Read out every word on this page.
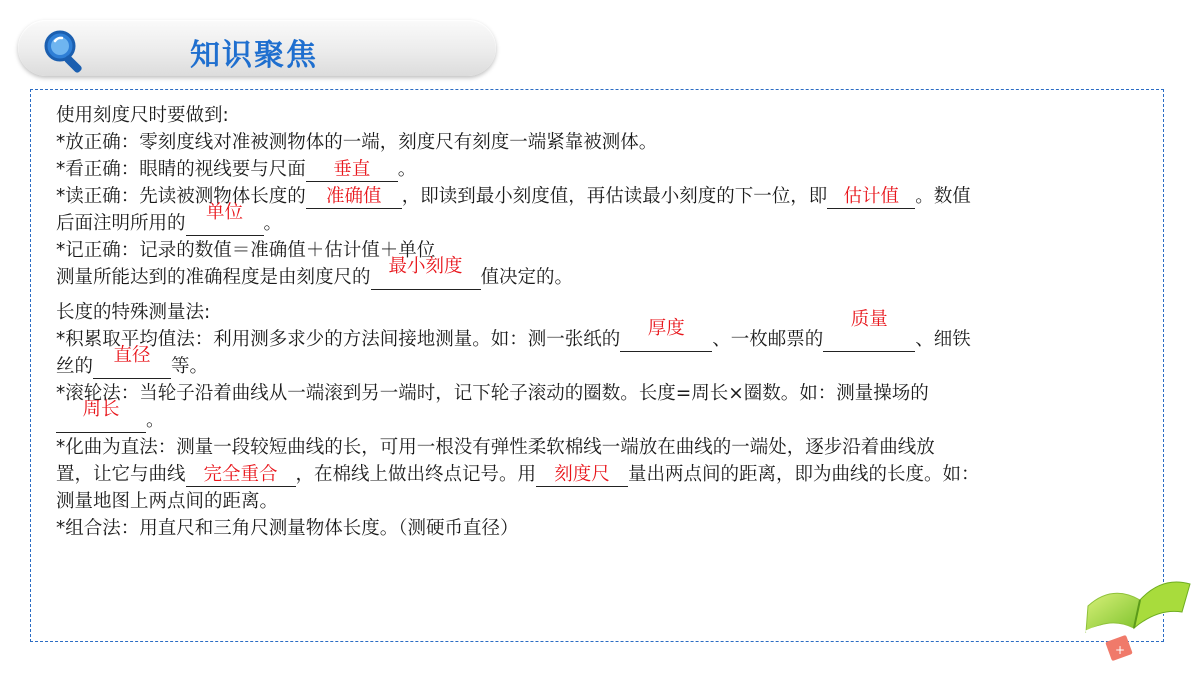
知识聚焦
使用刻度尺时要做到:
*放正确：零刻度线对准被测物体的一端，刻度尺有刻度一端紧靠被测体。
*看正确：眼睛的视线要与尺面 垂直 。
*读正确：先读被测物体长度的 准确值 ，即读到最小刻度值，再估读最小刻度的下一位，即 估计值 。数值
后面注明所用的单位。
*记正确：记录的数值＝准确值＋估计值＋单位
测量所能达到的准确程度是由刻度尺的最小刻度值决定的。
长度的特殊测量法:
*积累取平均值法：利用测多求少的方法间接地测量。如：测一张纸的厚度、一枚邮票的质量、细铁
丝的直径等。
*滚轮法：当轮子沿着曲线从一端滚到另一端时，记下轮子滚动的圈数。长度=周长×圈数。如：测量操场的
周长。
*化曲为直法：测量一段较短曲线的长，可用一根没有弹性柔软棉线一端放在曲线的一端处，逐步沿着曲线放
置，让它与曲线 完全重合 ，在棉线上做出终点记号。用 刻度尺 量出两点间的距离，即为曲线的长度。如：
测量地图上两点间的距离。
*组合法：用直尺和三角尺测量物体长度。（测硬币直径）
+
